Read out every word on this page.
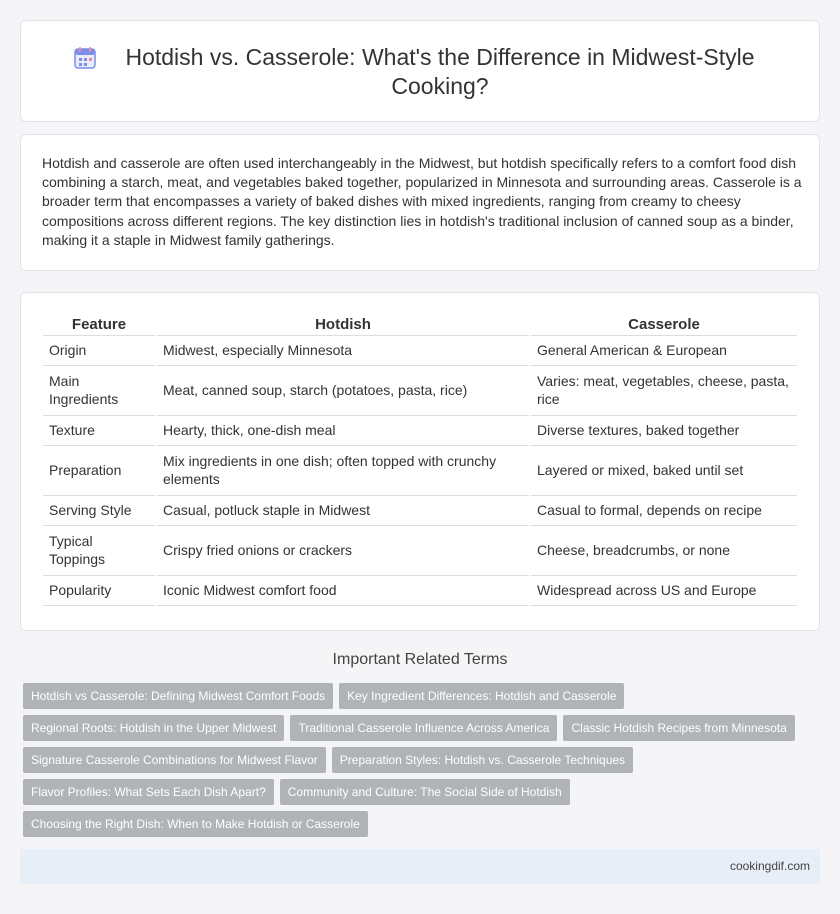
Hotdish vs. Casserole: What's the Difference in Midwest-Style Cooking?

Hotdish and casserole are often used interchangeably in the Midwest, but hotdish specifically refers to a comfort food dish combining a starch, meat, and vegetables baked together, popularized in Minnesota and surrounding areas. Casserole is a broader term that encompasses a variety of baked dishes with mixed ingredients, ranging from creamy to cheesy compositions across different regions. The key distinction lies in hotdish's traditional inclusion of canned soup as a binder, making it a staple in Midwest family gatherings.

Feature	Hotdish	Casserole
Origin	Midwest, especially Minnesota	General American & European
Main Ingredients	Meat, canned soup, starch (potatoes, pasta, rice)	Varies: meat, vegetables, cheese, pasta, rice
Texture	Hearty, thick, one-dish meal	Diverse textures, baked together
Preparation	Mix ingredients in one dish; often topped with crunchy elements	Layered or mixed, baked until set
Serving Style	Casual, potluck staple in Midwest	Casual to formal, depends on recipe
Typical Toppings	Crispy fried onions or crackers	Cheese, breadcrumbs, or none
Popularity	Iconic Midwest comfort food	Widespread across US and Europe
Important Related Terms
Hotdish vs Casserole: Defining Midwest Comfort Foods	Key Ingredient Differences: Hotdish and Casserole
Regional Roots: Hotdish in the Upper Midwest	Traditional Casserole Influence Across America	Classic Hotdish Recipes from Minnesota
Signature Casserole Combinations for Midwest Flavor	Preparation Styles: Hotdish vs. Casserole Techniques
Flavor Profiles: What Sets Each Dish Apart?	Community and Culture: The Social Side of Hotdish
Choosing the Right Dish: When to Make Hotdish or Casserole
cookingdif.com
